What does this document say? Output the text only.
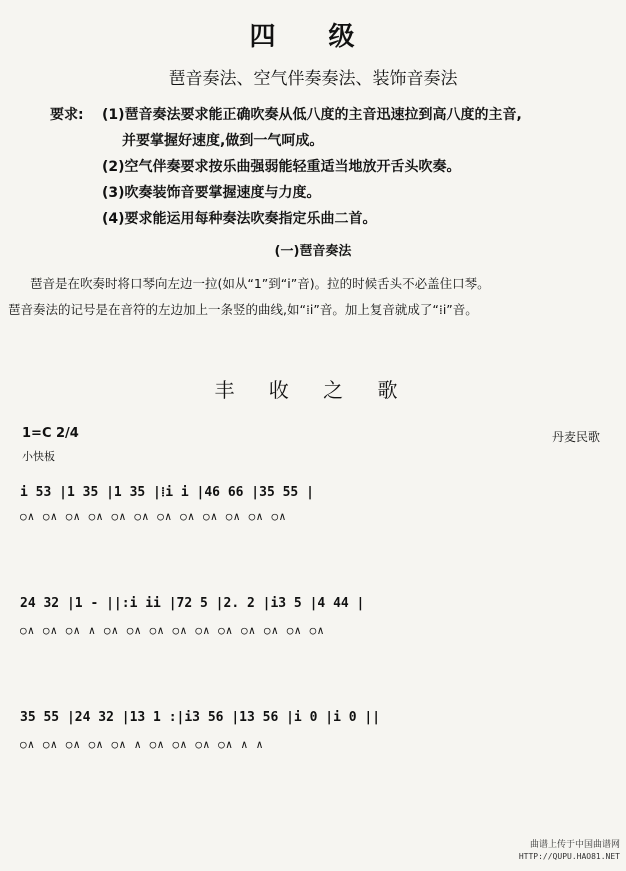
四 级
琶音奏法、空气伴奏奏法、装饰音奏法
要求: (1)琶音奏法要求能正确吹奏从低八度的主音迅速拉到高八度的主音,
并要掌握好速度,做到一气呵成。
(2)空气伴奏要求按乐曲强弱能轻重适当地放开舌头吹奏。
(3)吹奏装饰音要掌握速度与力度。
(4)要求能运用每种奏法吹奏指定乐曲二首。
(一)琶音奏法
琶音是在吹奏时将口琴向左边一拉(如从“1”到“i”音)。拉的时候舌头不必盖住口琴。
琶音奏法的记号是在音符的左边加上一条竖的曲线,如“⁞i”音。加上复音就成了“⁞i”音。
丰 收 之 歌
1=C 2/4
小快板
丹麦民歌
i 53 |1 35 |1 35 |⁞i i |46 66 |35 55 |
○∧ ○∧ ○∧ ○∧ ○∧ ○∧ ○∧ ○∧ ○∧ ○∧ ○∧ ○∧
24 32 |1 - ||:i ii |72 5 |2. 2 |i3 5 |4 44 |
○∧ ○∧ ○∧ ∧ ○∧ ○∧ ○∧ ○∧ ○∧ ○∧ ○∧ ○∧ ○∧ ○∧
35 55 |24 32 |13 1 :|i3 56 |13 56 |i 0 |i 0 ||
○∧ ○∧ ○∧ ○∧ ○∧ ∧ ○∧ ○∧ ○∧ ○∧ ∧ ∧
曲谱上传于中国曲谱网
HTTP://QUPU.HAO81.NET
